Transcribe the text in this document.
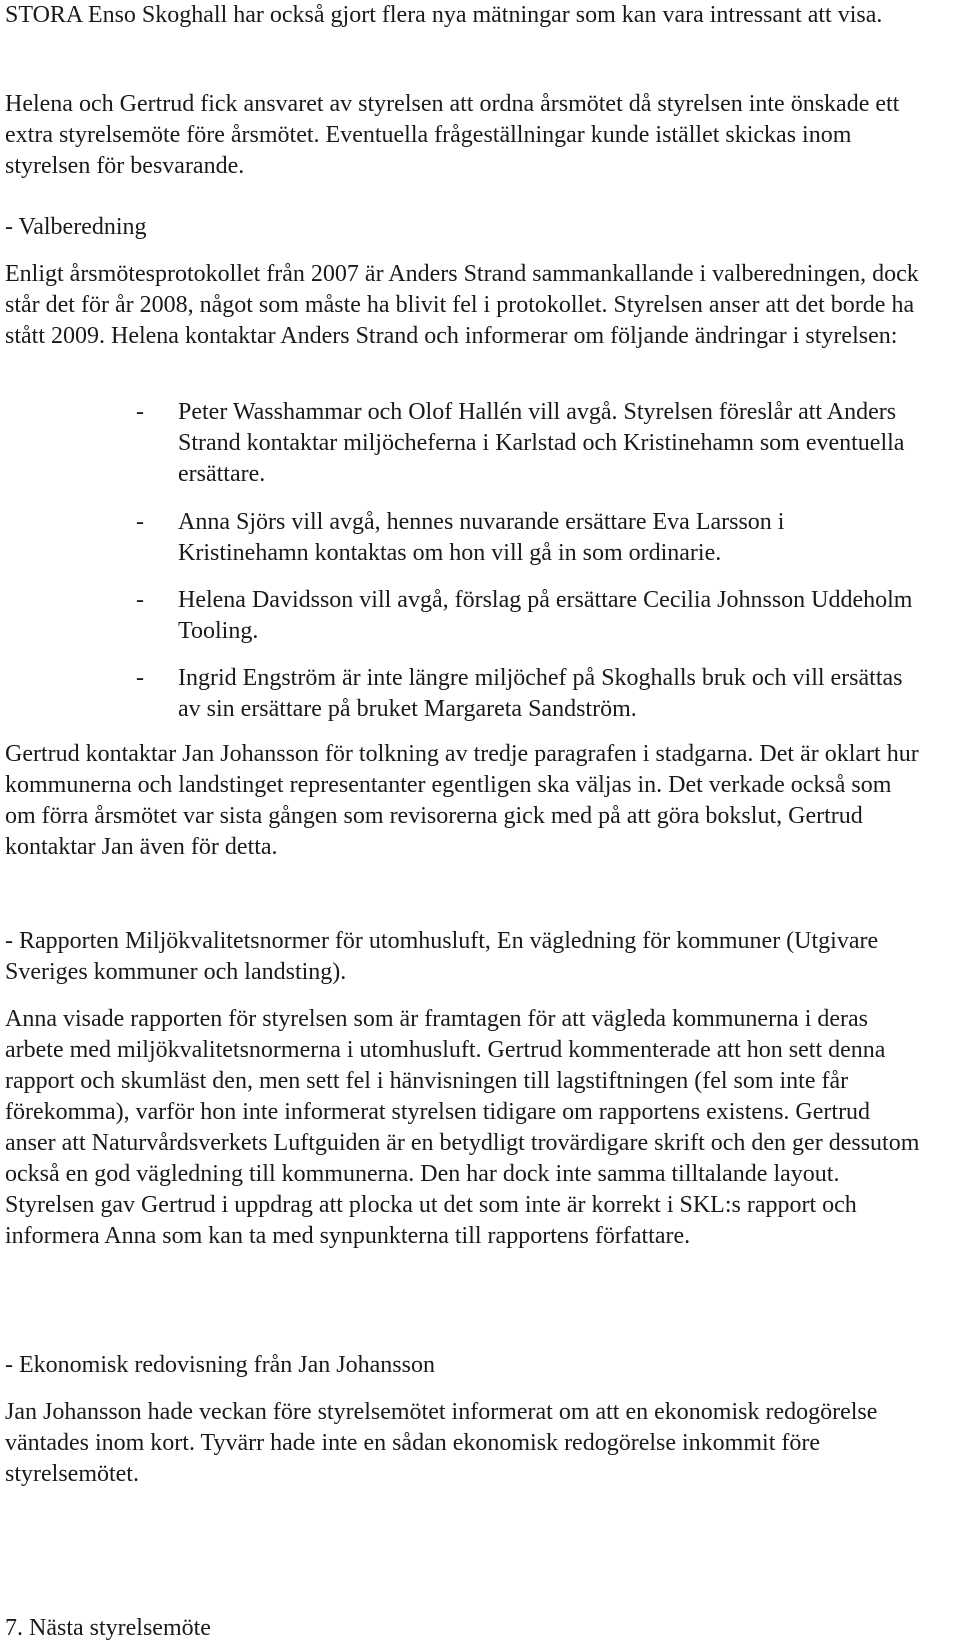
STORA Enso Skoghall har också gjort flera nya mätningar som kan vara intressant att visa.

Helena och Gertrud fick ansvaret av styrelsen att ordna årsmötet då styrelsen inte önskade ett extra styrelsemöte före årsmötet. Eventuella frågeställningar kunde istället skickas inom styrelsen för besvarande.

- Valberedning

Enligt årsmötesprotokollet från 2007 är Anders Strand sammankallande i valberedningen, dock står det för år 2008, något som måste ha blivit fel i protokollet. Styrelsen anser att det borde ha stått 2009. Helena kontaktar Anders Strand och informerar om följande ändringar i styrelsen:

- Peter Wasshammar och Olof Hallén vill avgå. Styrelsen föreslår att Anders Strand kontaktar miljöcheferna i Karlstad och Kristinehamn som eventuella ersättare.
- Anna Sjörs vill avgå, hennes nuvarande ersättare Eva Larsson i Kristinehamn kontaktas om hon vill gå in som ordinarie.
- Helena Davidsson vill avgå, förslag på ersättare Cecilia Johnsson Uddeholm Tooling.
- Ingrid Engström är inte längre miljöchef på Skoghalls bruk och vill ersättas av sin ersättare på bruket Margareta Sandström.

Gertrud kontaktar Jan Johansson för tolkning av tredje paragrafen i stadgarna. Det är oklart hur kommunerna och landstinget representanter egentligen ska väljas in. Det verkade också som om förra årsmötet var sista gången som revisorerna gick med på att göra bokslut, Gertrud kontaktar Jan även för detta.

- Rapporten Miljökvalitetsnormer för utomhusluft, En vägledning för kommuner (Utgivare Sveriges kommuner och landsting).

Anna visade rapporten för styrelsen som är framtagen för att vägleda kommunerna i deras arbete med miljökvalitetsnormerna i utomhusluft. Gertrud kommenterade att hon sett denna rapport och skumläst den, men sett fel i hänvisningen till lagstiftningen (fel som inte får förekomma), varför hon inte informerat styrelsen tidigare om rapportens existens. Gertrud anser att Naturvårdsverkets Luftguiden är en betydligt trovärdigare skrift och den ger dessutom också en god vägledning till kommunerna. Den har dock inte samma tilltalande layout. Styrelsen gav Gertrud i uppdrag att plocka ut det som inte är korrekt i SKL:s rapport och informera Anna som kan ta med synpunkterna till rapportens författare.

- Ekonomisk redovisning från Jan Johansson

Jan Johansson hade veckan före styrelsemötet informerat om att en ekonomisk redogörelse väntades inom kort. Tyvärr hade inte en sådan ekonomisk redogörelse inkommit före styrelsemötet.

7. Nästa styrelsemöte
